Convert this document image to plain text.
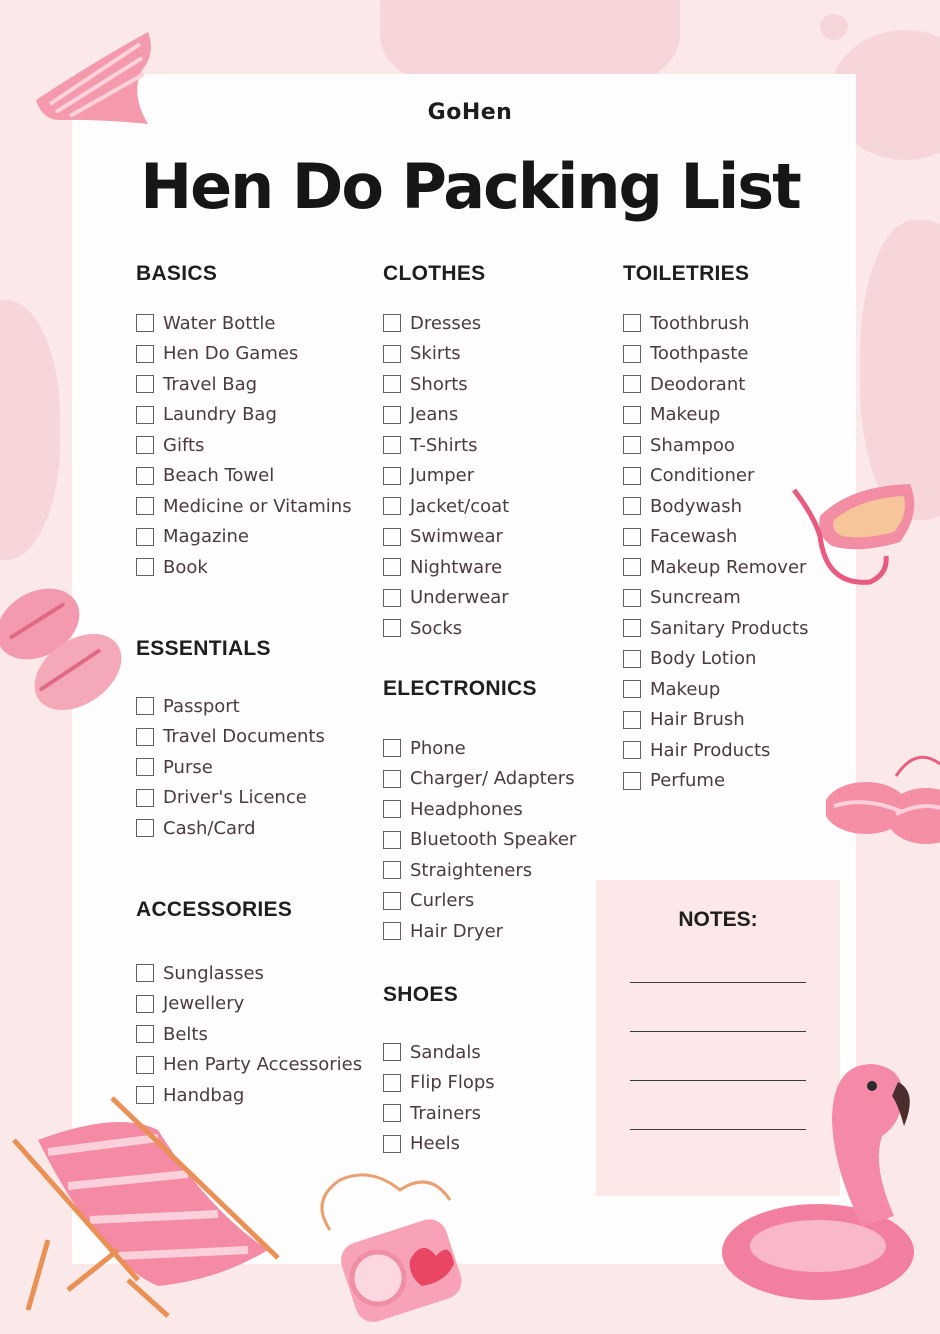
GoHen
Hen Do Packing List
BASICS
Water Bottle
Hen Do Games
Travel Bag
Laundry Bag
Gifts
Beach Towel
Medicine or Vitamins
Magazine
Book
ESSENTIALS
Passport
Travel Documents
Purse
Driver's Licence
Cash/Card
ACCESSORIES
Sunglasses
Jewellery
Belts
Hen Party Accessories
Handbag
CLOTHES
Dresses
Skirts
Shorts
Jeans
T-Shirts
Jumper
Jacket/coat
Swimwear
Nightware
Underwear
Socks
ELECTRONICS
Phone
Charger/ Adapters
Headphones
Bluetooth Speaker
Straighteners
Curlers
Hair Dryer
SHOES
Sandals
Flip Flops
Trainers
Heels
TOILETRIES
Toothbrush
Toothpaste
Deodorant
Makeup
Shampoo
Conditioner
Bodywash
Facewash
Makeup Remover
Suncream
Sanitary Products
Body Lotion
Makeup
Hair Brush
Hair Products
Perfume
NOTES:
